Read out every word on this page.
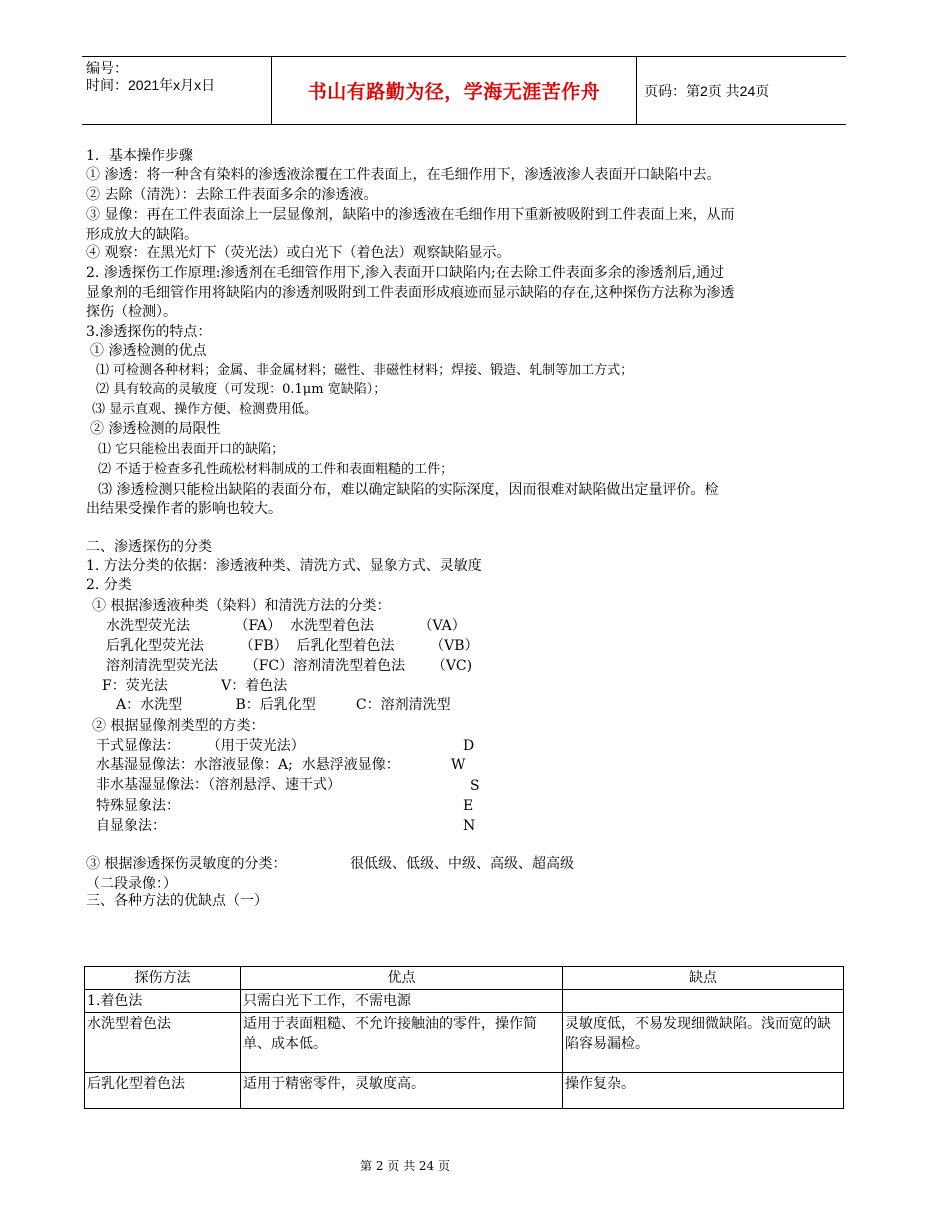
编号：
时间：2021年x月x日	书山有路勤为径，学海无涯苦作舟	页码：第2页 共24页
1．基本操作步骤
① 渗透：将一种含有染料的渗透液涂覆在工件表面上，在毛细作用下，渗透液渗人表面开口缺陷中去。
② 去除（清洗）：去除工件表面多余的渗透液。
③ 显像：再在工件表面涂上一层显像剂，缺陷中的渗透液在毛细作用下重新被吸附到工件表面上来，从而
形成放大的缺陷。
④ 观察：在黑光灯下（荧光法）或白光下（着色法）观察缺陷显示。
2. 渗透探伤工作原理:渗透剂在毛细管作用下,渗入表面开口缺陷内;在去除工件表面多余的渗透剂后,通过
显象剂的毛细管作用将缺陷内的渗透剂吸附到工件表面形成痕迹而显示缺陷的存在,这种探伤方法称为渗透
探伤（检测）。
3.渗透探伤的特点：
① 渗透检测的优点
⑴ 可检测各种材料；金属、非金属材料；磁性、非磁性材料；焊接、锻造、轧制等加工方式；
⑵ 具有较高的灵敏度（可发现：0.1μm 宽缺陷）；
⑶ 显示直观、操作方便、检测费用低。
② 渗透检测的局限性
⑴ 它只能检出表面开口的缺陷；
⑵ 不适于检查多孔性疏松材料制成的工件和表面粗糙的工件；
⑶ 渗透检测只能检出缺陷的表面分布，难以确定缺陷的实际深度，因而很难对缺陷做出定量评价。检
出结果受操作者的影响也较大。
二、渗透探伤的分类
1. 方法分类的依据：渗透液种类、清洗方式、显象方式、灵敏度
2. 分类
① 根据渗透液种类（染料）和清洗方法的分类：
水洗型荧光法          （FA）  水洗型着色法          （VA）
后乳化型荧光法        （FB）  后乳化型着色法        （VB）
溶剂清洗型荧光法      （FC）溶剂清洗型着色法      （VC)
F：荧光法            V：着色法
A：水洗型            B：后乳化型         C：溶剂清洗型
② 根据显像剂类型的方类：
干式显像法：      （用于荧光法）	D
水基湿显像法：水溶液显像：A;  水悬浮液显像：	W
非水基湿显像法：（溶剂悬浮、速干式）	S
特殊显象法：	E
自显象法：	N
③ 根据渗透探伤灵敏度的分类：	很低级、低级、中级、高级、超高级
（二段录像：）
三、各种方法的优缺点（一）
探伤方法	优点	缺点
1.着色法	只需白光下工作，不需电源	
水洗型着色法	适用于表面粗糙、不允许接触油的零件，操作简单、成本低。	灵敏度低，不易发现细微缺陷。浅而宽的缺陷容易漏检。
后乳化型着色法	适用于精密零件，灵敏度高。	操作复杂。
第 2 页 共 24 页
